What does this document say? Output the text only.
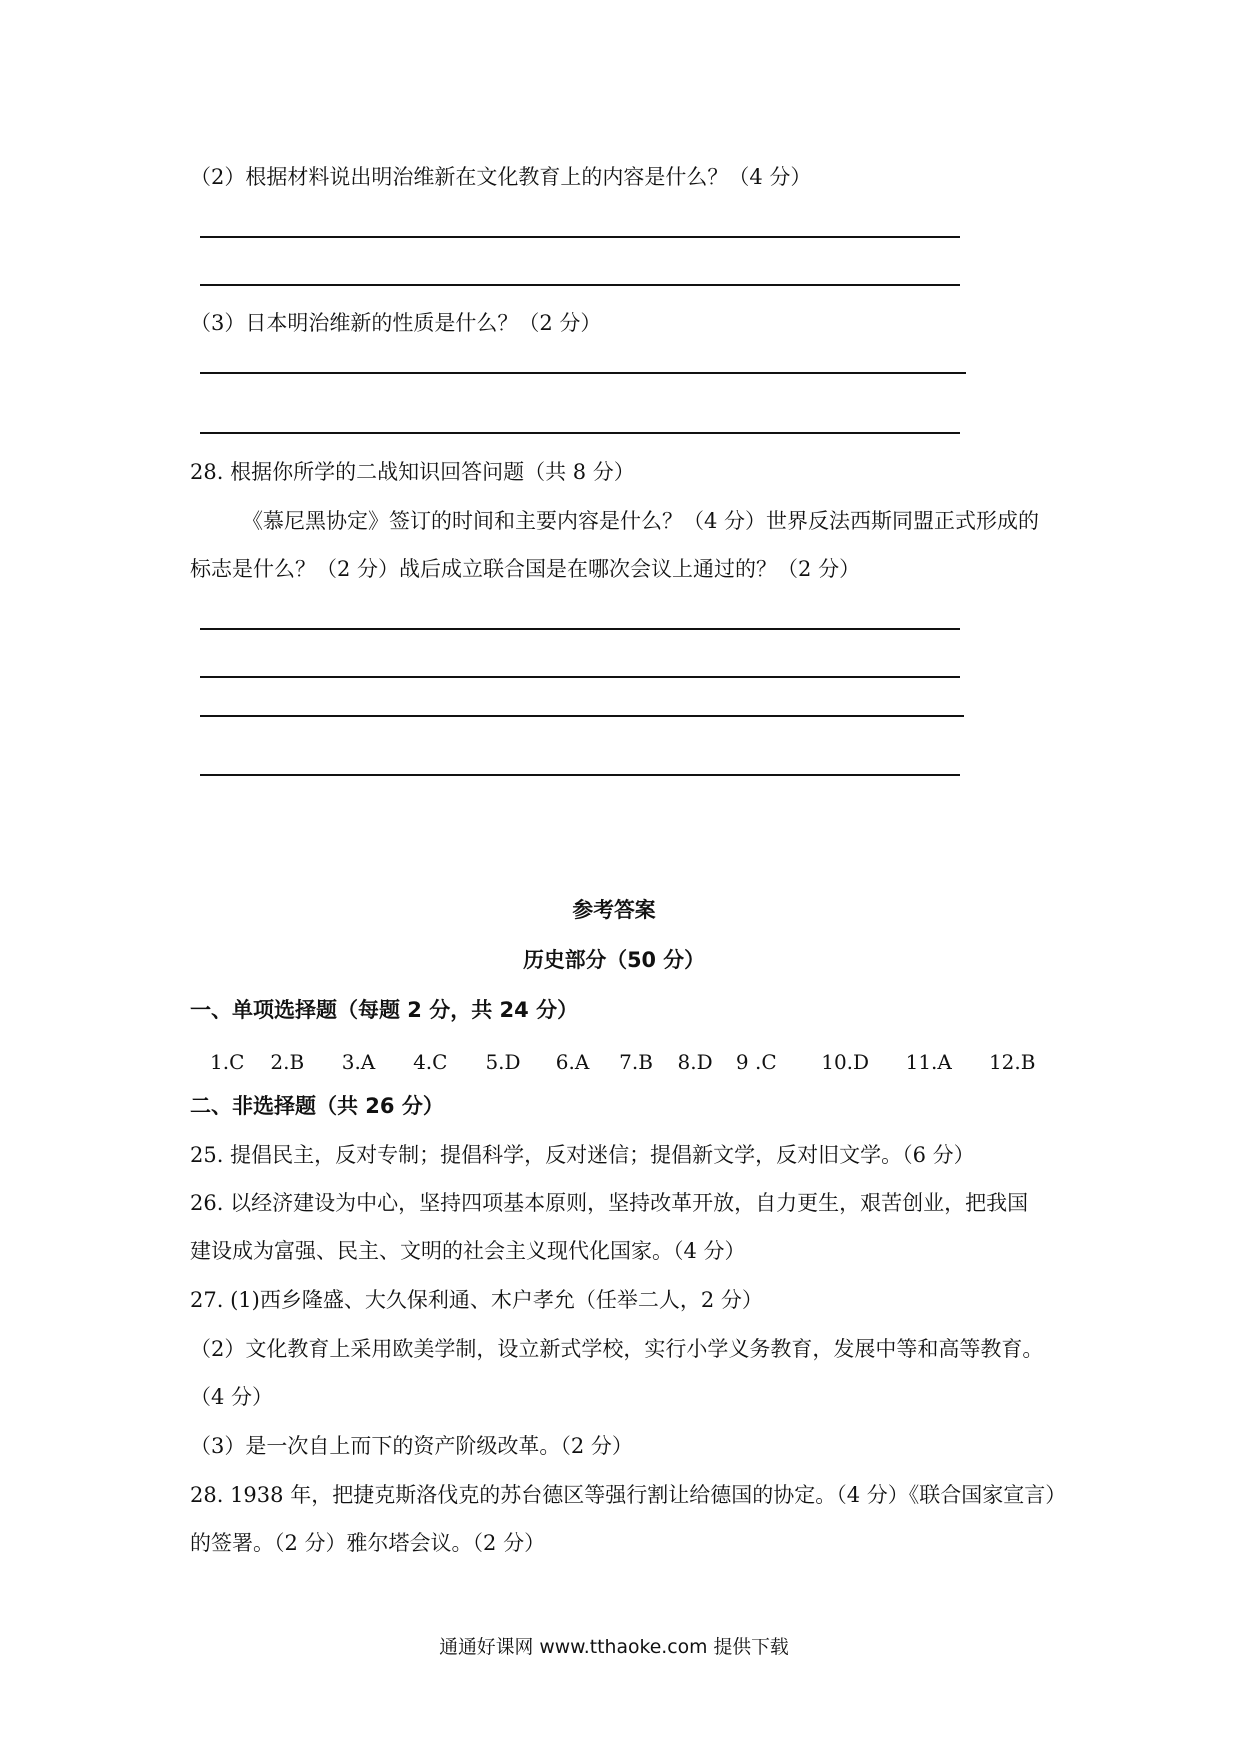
（2）根据材料说出明治维新在文化教育上的内容是什么？（4 分）
（3）日本明治维新的性质是什么？（2 分）
28. 根据你所学的二战知识回答问题（共 8 分）
《慕尼黑协定》签订的时间和主要内容是什么？（4 分）世界反法西斯同盟正式形成的
标志是什么？（2 分）战后成立联合国是在哪次会议上通过的？（2 分）
参考答案
历史部分（50 分）
一、单项选择题（每题 2 分，共 24 分）
1.C 2.B 3.A 4.C 5.D 6.A 7.B 8.D 9 .C 10.D 11.A 12.B
二、非选择题（共 26 分）
25. 提倡民主，反对专制；提倡科学，反对迷信；提倡新文学，反对旧文学。（6 分）
26. 以经济建设为中心，坚持四项基本原则，坚持改革开放，自力更生，艰苦创业，把我国
建设成为富强、民主、文明的社会主义现代化国家。（4 分）
27. (1)西乡隆盛、大久保利通、木户孝允（任举二人，2 分）
（2）文化教育上采用欧美学制，设立新式学校，实行小学义务教育，发展中等和高等教育。
（4 分）
（3）是一次自上而下的资产阶级改革。（2 分）
28. 1938 年，把捷克斯洛伐克的苏台德区等强行割让给德国的协定。（4 分）《联合国家宣言）
的签署。（2 分）雅尔塔会议。（2 分）
通通好课网 www.tthaoke.com 提供下载
